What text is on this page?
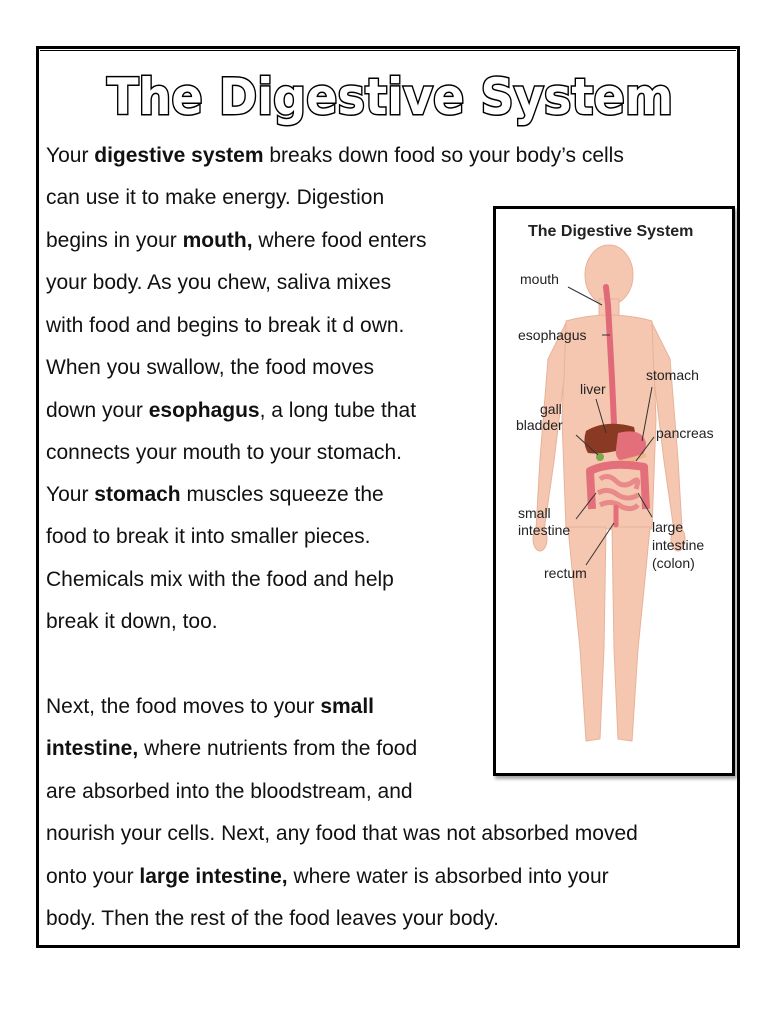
The Digestive System

Your digestive system breaks down food so your body’s cells

can use it to make energy. Digestion

begins in your mouth, where food enters

your body. As you chew, saliva mixes

with food and begins to break it d own.

When you swallow, the food moves

down your esophagus, a long tube that

connects your mouth to your stomach.

Your stomach muscles squeeze the

food to break it into smaller pieces.

Chemicals mix with the food and help

break it down, too.

Next, the food moves to your small

intestine, where nutrients from the food

are absorbed into the bloodstream, and

nourish your cells. Next, any food that was not absorbed moved

onto your large intestine, where water is absorbed into your

body. Then the rest of the food leaves your body.

The Digestive System
mouth
esophagus
stomach
liver
gall
bladder	pancreas
small
intestine	large
intestine
(colon)
rectum
